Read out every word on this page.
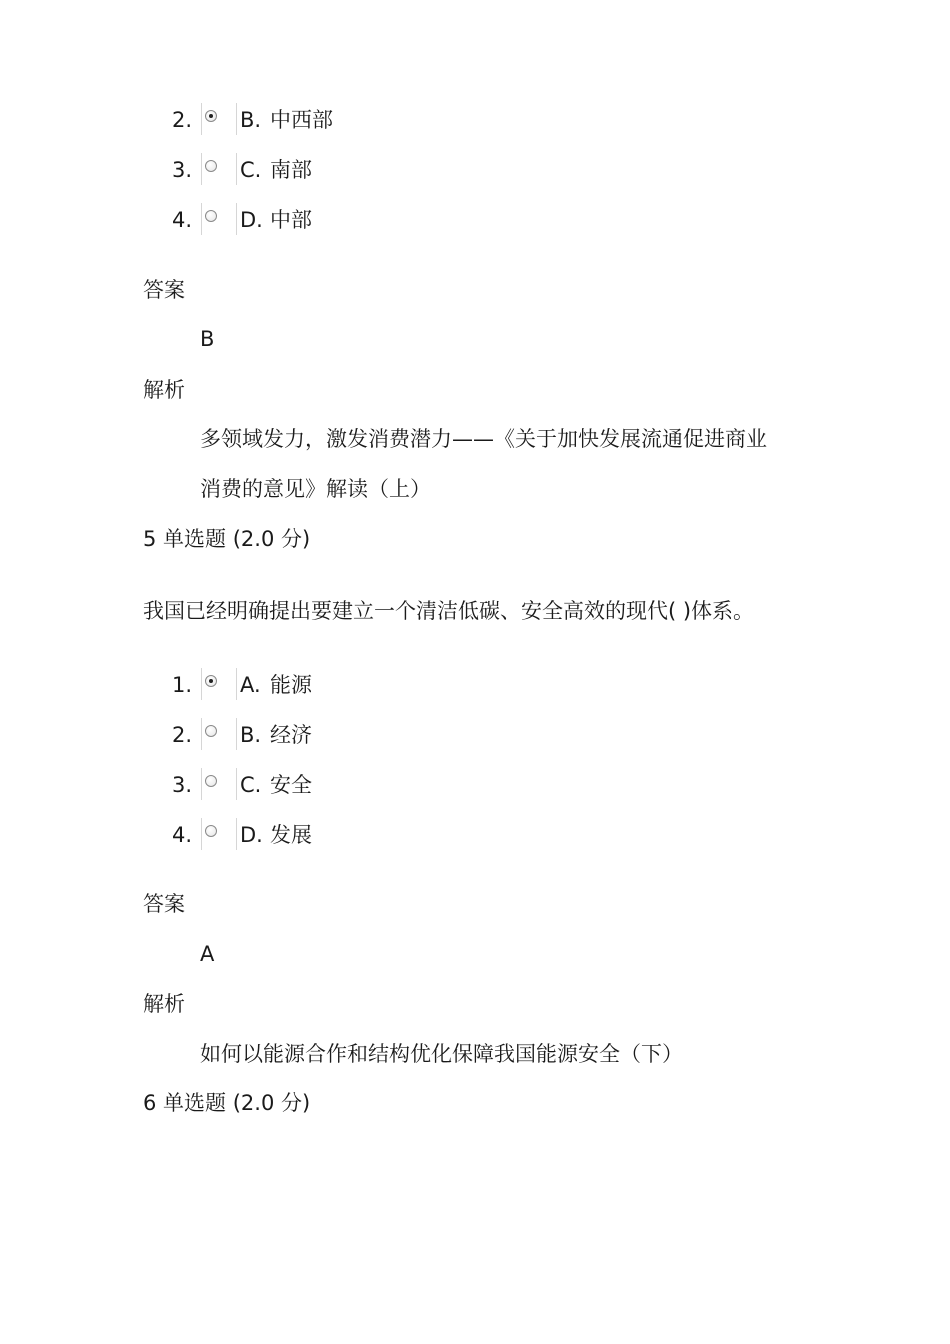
2. B. 中西部
3. C. 南部
4. D. 中部
答案
B
解析
多领域发力，激发消费潜力——《关于加快发展流通促进商业
消费的意见》解读（上）
5 单选题 (2.0 分)
我国已经明确提出要建立一个清洁低碳、安全高效的现代( )体系。
1. A. 能源
2. B. 经济
3. C. 安全
4. D. 发展
答案
A
解析
如何以能源合作和结构优化保障我国能源安全（下）
6 单选题 (2.0 分)
